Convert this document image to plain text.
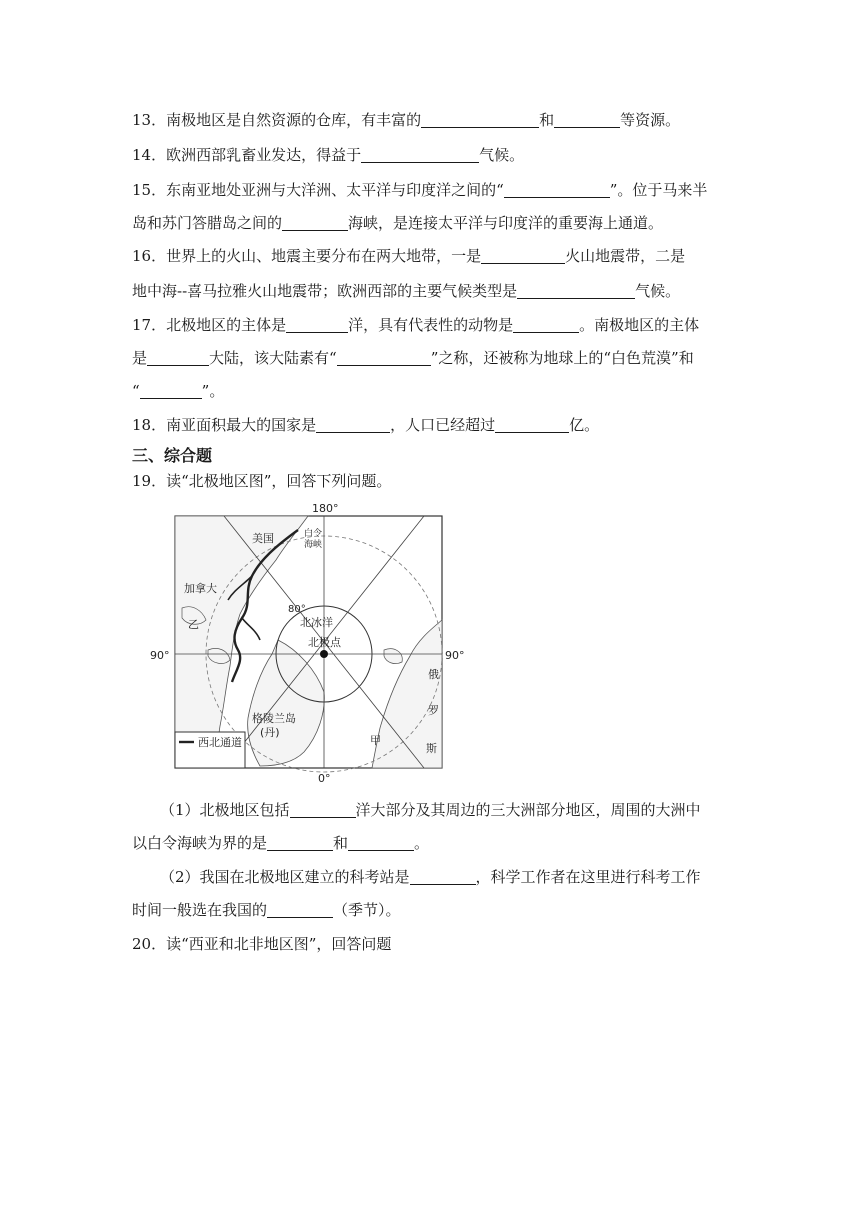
13．南极地区是自然资源的仓库，有丰富的	和	等资源。
14．欧洲西部乳畜业发达，得益于	气候。
15．东南亚地处亚洲与大洋洲、太平洋与印度洋之间的“	”。位于马来半
岛和苏门答腊岛之间的	海峡，是连接太平洋与印度洋的重要海上通道。
16．世界上的火山、地震主要分布在两大地带，一是	火山地震带，二是
地中海--喜马拉雅火山地震带；欧洲西部的主要气候类型是	气候。
17．北极地区的主体是	洋，具有代表性的动物是	。南极地区的主体
是	大陆，该大陆素有“	”之称，还被称为地球上的“白色荒漠”和
“	”。
18．南亚面积最大的国家是	，人口已经超过	亿。
三、综合题
19．读“北极地区图”，回答下列问题。
180°
0°
90°	90°
美国	白令
海峡
加拿大
乙
80°
北冰洋
北极点
格陵兰岛
(丹)
甲
俄
罗
斯
西北通道
（1）北极地区包括	洋大部分及其周边的三大洲部分地区，周围的大洲中
以白令海峡为界的是	和	。
（2）我国在北极地区建立的科考站是	，科学工作者在这里进行科考工作
时间一般选在我国的	（季节）。
20．读“西亚和北非地区图”，回答问题
